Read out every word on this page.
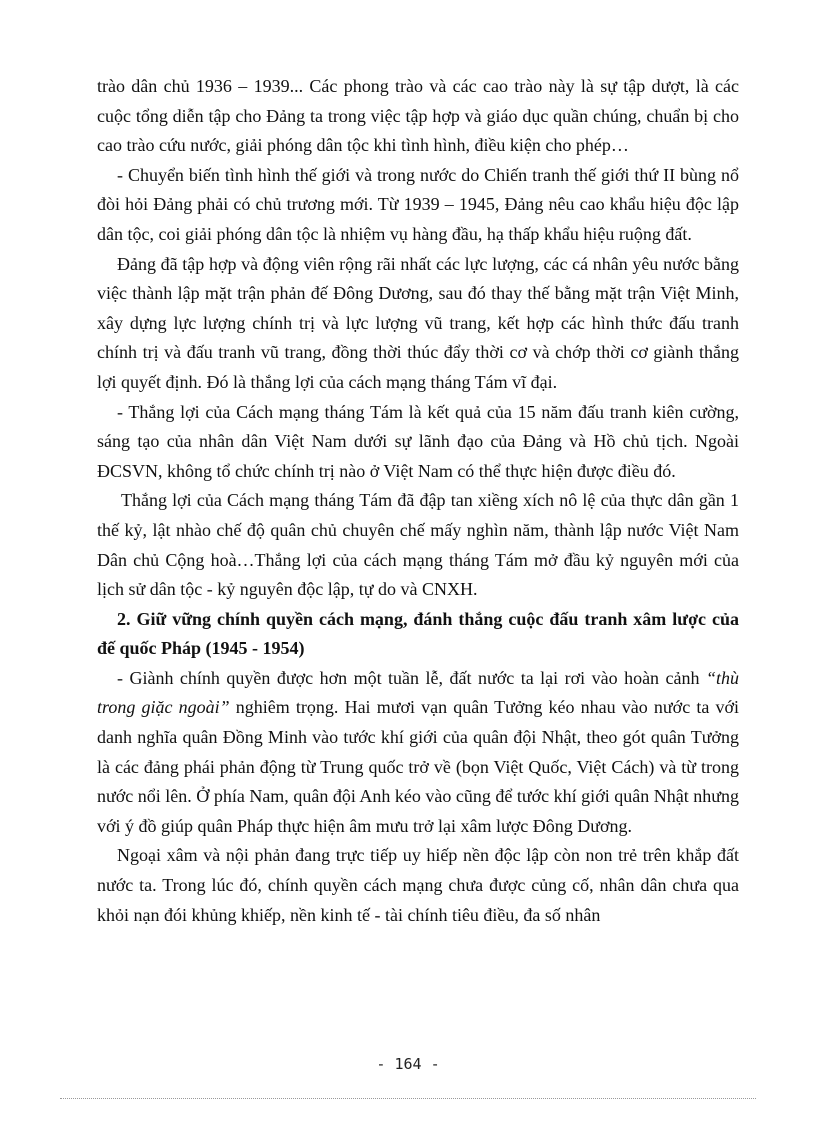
trào dân chủ 1936 – 1939... Các phong trào và các cao trào này là sự tập dượt, là các cuộc tổng diễn tập cho Đảng ta trong việc tập hợp và giáo dục quần chúng, chuẩn bị cho cao trào cứu nước, giải phóng dân tộc khi tình hình, điều kiện cho phép…

- Chuyển biến tình hình thế giới và trong nước do Chiến tranh thế giới thứ II bùng nổ đòi hỏi Đảng phải có chủ trương mới. Từ 1939 – 1945, Đảng nêu cao khẩu hiệu độc lập dân tộc, coi giải phóng dân tộc là nhiệm vụ hàng đầu, hạ thấp khẩu hiệu ruộng đất.

Đảng đã tập hợp và động viên rộng rãi nhất các lực lượng, các cá nhân yêu nước bằng việc thành lập mặt trận phản đế Đông Dương, sau đó thay thế bằng mặt trận Việt Minh, xây dựng lực lượng chính trị và lực lượng vũ trang, kết hợp các hình thức đấu tranh chính trị và đấu tranh vũ trang, đồng thời thúc đẩy thời cơ và chớp thời cơ giành thắng lợi quyết định. Đó là thắng lợi của cách mạng tháng Tám vĩ đại.

- Thắng lợi của Cách mạng tháng Tám là kết quả của 15 năm đấu tranh kiên cường, sáng tạo của nhân dân Việt Nam dưới sự lãnh đạo của Đảng và Hồ chủ tịch. Ngoài ĐCSVN, không tổ chức chính trị nào ở Việt Nam có thể thực hiện được điều đó.

Thắng lợi của Cách mạng tháng Tám đã đập tan xiềng xích nô lệ của thực dân gần 1 thế kỷ, lật nhào chế độ quân chủ chuyên chế mấy nghìn năm, thành lập nước Việt Nam Dân chủ Cộng hoà…Thắng lợi của cách mạng tháng Tám mở đầu kỷ nguyên mới của lịch sử dân tộc - kỷ nguyên độc lập, tự do và CNXH.

2. Giữ vững chính quyền cách mạng, đánh thắng cuộc đấu tranh xâm lược của đế quốc Pháp (1945 - 1954)

- Giành chính quyền được hơn một tuần lễ, đất nước ta lại rơi vào hoàn cảnh “thù trong giặc ngoài” nghiêm trọng. Hai mươi vạn quân Tưởng kéo nhau vào nước ta với danh nghĩa quân Đồng Minh vào tước khí giới của quân đội Nhật, theo gót quân Tưởng là các đảng phái phản động từ Trung quốc trở về (bọn Việt Quốc, Việt Cách) và từ trong nước nổi lên. Ở phía Nam, quân đội Anh kéo vào cũng để tước khí giới quân Nhật nhưng với ý đồ giúp quân Pháp thực hiện âm mưu trở lại xâm lược Đông Dương.

Ngoại xâm và nội phản đang trực tiếp uy hiếp nền độc lập còn non trẻ trên khắp đất nước ta. Trong lúc đó, chính quyền cách mạng chưa được củng cố, nhân dân chưa qua khỏi nạn đói khủng khiếp, nền kinh tế - tài chính tiêu điều, đa số nhân

- 164 -
